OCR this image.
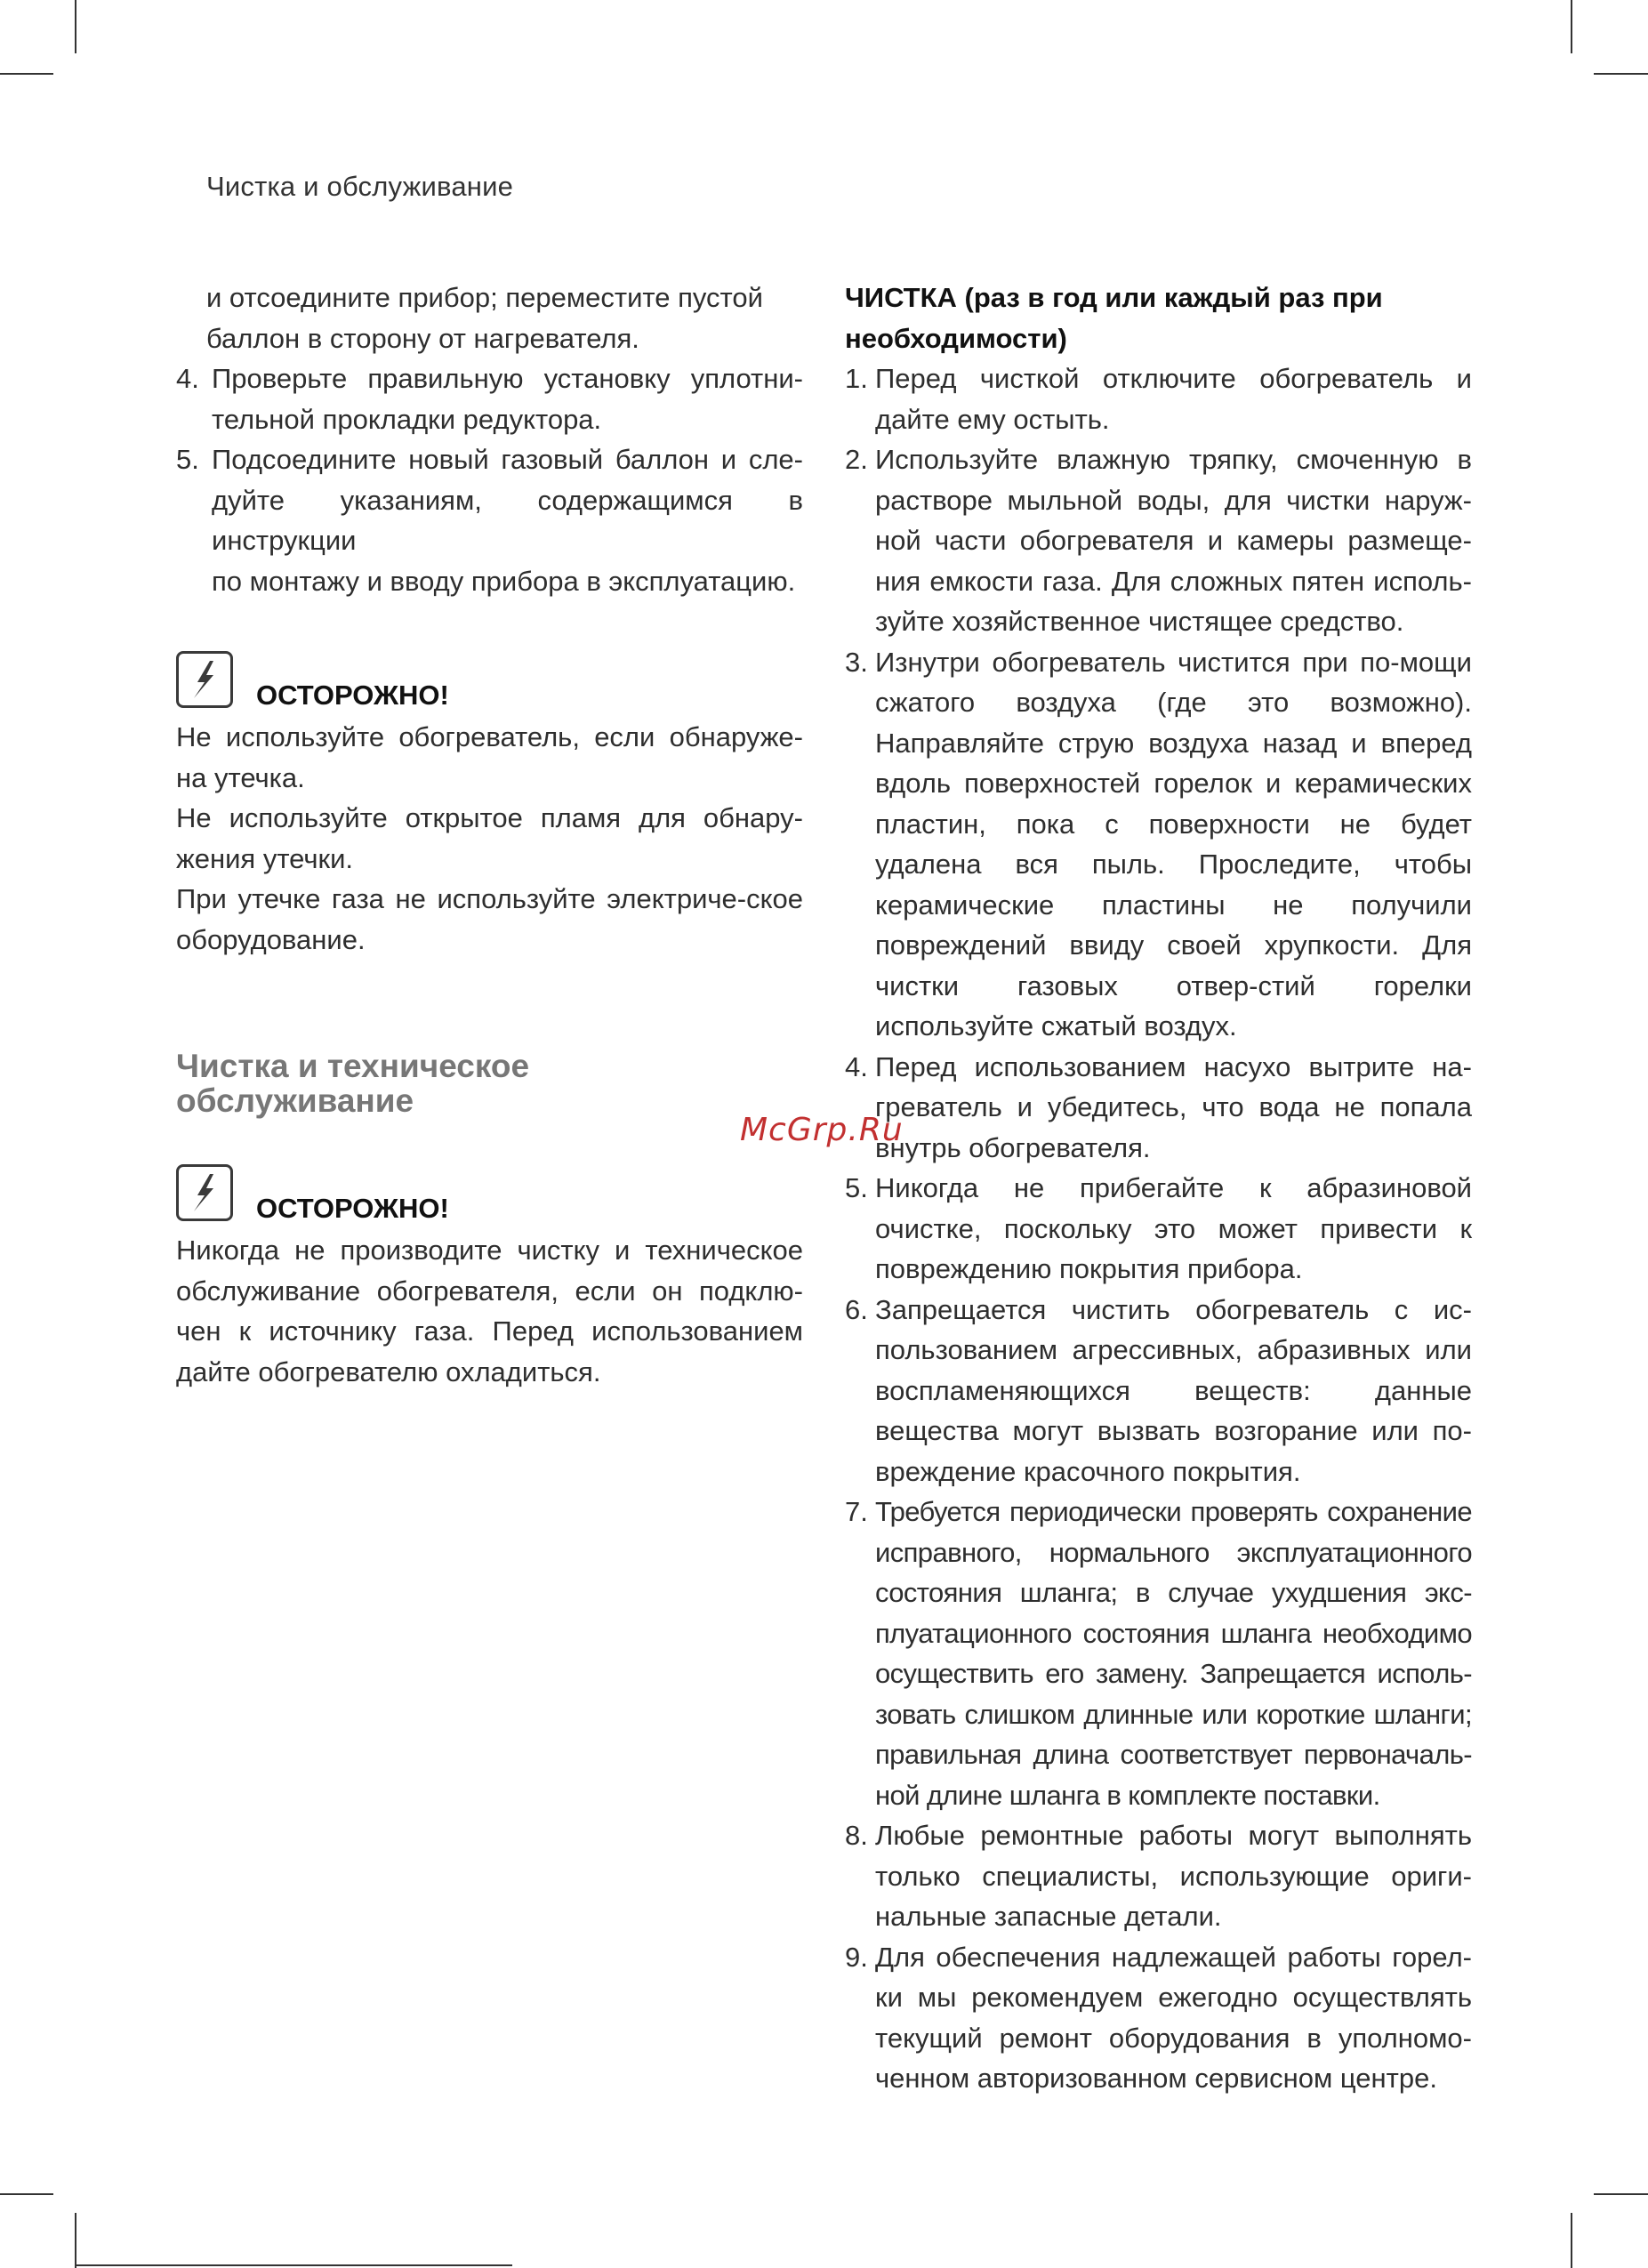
Чистка и обслуживание
и отсоедините прибор; переместите пустой
баллон в сторону от нагревателя.
4. Проверьте правильную установку уплотни-
тельной прокладки редуктора.
5. Подсоедините новый газовый баллон и сле-
дуйте указаниям, содержащимся в инструкции
по монтажу и вводу прибора в эксплуатацию.
ОСТОРОЖНО!
Не используйте обогреватель, если обнаруже-на утечка.
Не используйте открытое пламя для обнару-жения утечки.
При утечке газа не используйте электриче-ское оборудование.
Чистка и техническое
обслуживание
ОСТОРОЖНО!
Никогда не производите чистку и техническое обслуживание обогревателя, если он подклю-чен к источнику газа. Перед использованием дайте обогревателю охладиться.
ЧИСТКА (раз в год или каждый раз при
необходимости)
1. Перед чисткой отключите обогреватель и дайте ему остыть.
2. Используйте влажную тряпку, смоченную в растворе мыльной воды, для чистки наруж-ной части обогревателя и камеры размеще-ния емкости газа. Для сложных пятен исполь-зуйте хозяйственное чистящее средство.
3. Изнутри обогреватель чистится при по-мощи сжатого воздуха (где это возможно). Направляйте струю воздуха назад и вперед вдоль поверхностей горелок и керамических пластин, пока с поверхности не будет удалена вся пыль. Проследите, чтобы керамические пластины не получили повреждений ввиду своей хрупкости. Для чистки газовых отвер-стий горелки используйте сжатый воздух.
4. Перед использованием насухо вытрите на-греватель и убедитесь, что вода не попала внутрь обогревателя.
5. Никогда не прибегайте к абразиновой очистке, поскольку это может привести к повреждению покрытия прибора.
6. Запрещается чистить обогреватель с ис-пользованием агрессивных, абразивных или воспламеняющихся веществ: данные вещества могут вызвать возгорание или по-вреждение красочного покрытия.
7. Требуется периодически проверять сохранение исправного, нормального эксплуатационного состояния шланга; в случае ухудшения экс-плуатационного состояния шланга необходимо осуществить его замену. Запрещается исполь-зовать слишком длинные или короткие шланги; правильная длина соответствует первоначаль-ной длине шланга в комплекте поставки.
8. Любые ремонтные работы могут выполнять только специалисты, использующие ориги-нальные запасные детали.
9. Для обеспечения надлежащей работы горел-ки мы рекомендуем ежегодно осуществлять текущий ремонт оборудования в уполномо-ченном авторизованном сервисном центре.
McGrp.Ru
